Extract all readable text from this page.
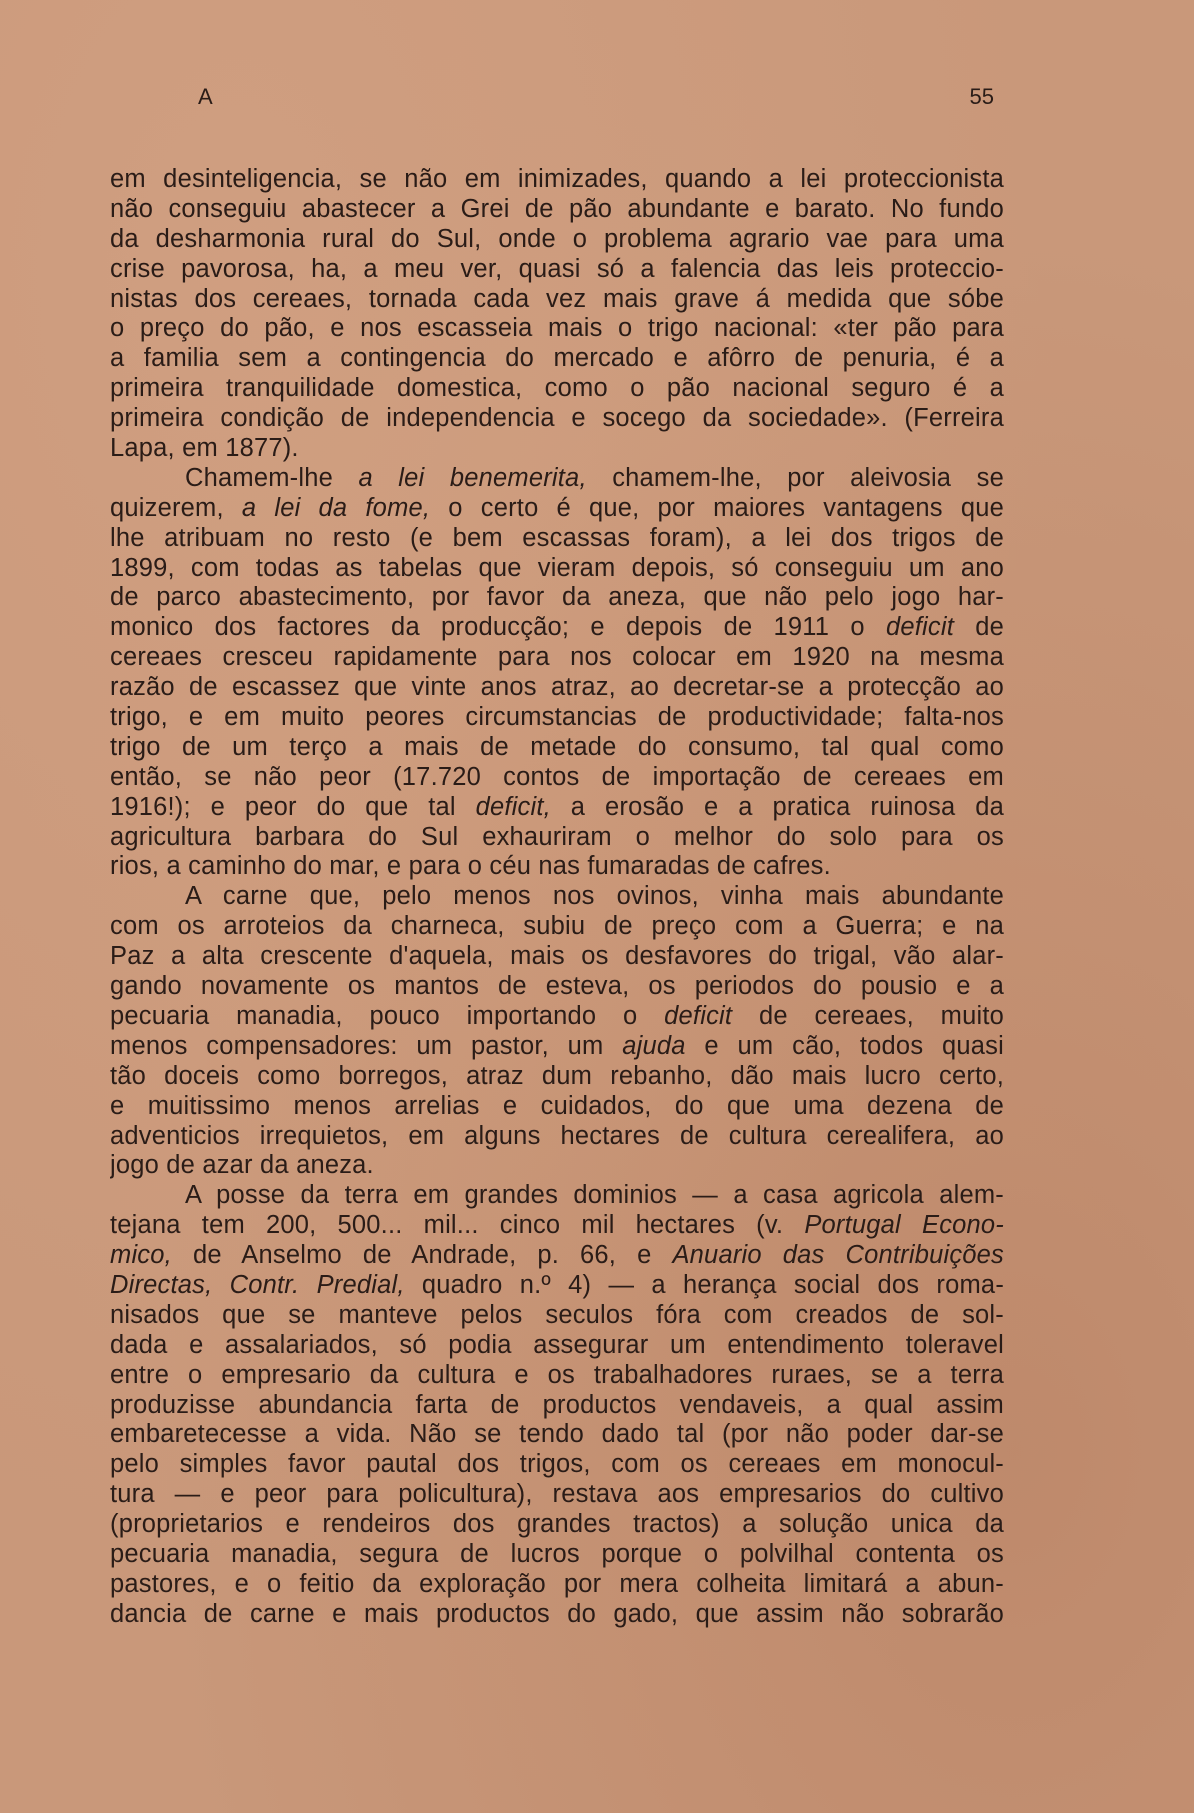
A	55
em desinteligencia, se não em inimizades, quando a lei proteccionista
não conseguiu abastecer a Grei de pão abundante e barato. No fundo
da desharmonia rural do Sul, onde o problema agrario vae para uma
crise pavorosa, ha, a meu ver, quasi só a falencia das leis proteccio-
nistas dos cereaes, tornada cada vez mais grave á medida que sóbe
o preço do pão, e nos escasseia mais o trigo nacional: «ter pão para
a familia sem a contingencia do mercado e afôrro de penuria, é a
primeira tranquilidade domestica, como o pão nacional seguro é a
primeira condição de independencia e socego da sociedade». (Ferreira
Lapa, em 1877).
Chamem-lhe a lei benemerita, chamem-lhe, por aleivosia se
quizerem, a lei da fome, o certo é que, por maiores vantagens que
lhe atribuam no resto (e bem escassas foram), a lei dos trigos de
1899, com todas as tabelas que vieram depois, só conseguiu um ano
de parco abastecimento, por favor da aneza, que não pelo jogo har-
monico dos factores da producção; e depois de 1911 o deficit de
cereaes cresceu rapidamente para nos colocar em 1920 na mesma
razão de escassez que vinte anos atraz, ao decretar-se a protecção ao
trigo, e em muito peores circumstancias de productividade; falta-nos
trigo de um terço a mais de metade do consumo, tal qual como
então, se não peor (17.720 contos de importação de cereaes em
1916!); e peor do que tal deficit, a erosão e a pratica ruinosa da
agricultura barbara do Sul exhauriram o melhor do solo para os
rios, a caminho do mar, e para o céu nas fumaradas de cafres.
A carne que, pelo menos nos ovinos, vinha mais abundante
com os arroteios da charneca, subiu de preço com a Guerra; e na
Paz a alta crescente d'aquela, mais os desfavores do trigal, vão alar-
gando novamente os mantos de esteva, os periodos do pousio e a
pecuaria manadia, pouco importando o deficit de cereaes, muito
menos compensadores: um pastor, um ajuda e um cão, todos quasi
tão doceis como borregos, atraz dum rebanho, dão mais lucro certo,
e muitissimo menos arrelias e cuidados, do que uma dezena de
adventicios irrequietos, em alguns hectares de cultura cerealifera, ao
jogo de azar da aneza.
A posse da terra em grandes dominios — a casa agricola alem-
tejana tem 200, 500... mil... cinco mil hectares (v. Portugal Econo-
mico, de Anselmo de Andrade, p. 66, e Anuario das Contribuições
Directas, Contr. Predial, quadro n.º 4) — a herança social dos roma-
nisados que se manteve pelos seculos fóra com creados de sol-
dada e assalariados, só podia assegurar um entendimento toleravel
entre o empresario da cultura e os trabalhadores ruraes, se a terra
produzisse abundancia farta de productos vendaveis, a qual assim
embaretecesse a vida. Não se tendo dado tal (por não poder dar-se
pelo simples favor pautal dos trigos, com os cereaes em monocul-
tura — e peor para policultura), restava aos empresarios do cultivo
(proprietarios e rendeiros dos grandes tractos) a solução unica da
pecuaria manadia, segura de lucros porque o polvilhal contenta os
pastores, e o feitio da exploração por mera colheita limitará a abun-
dancia de carne e mais productos do gado, que assim não sobrarão
